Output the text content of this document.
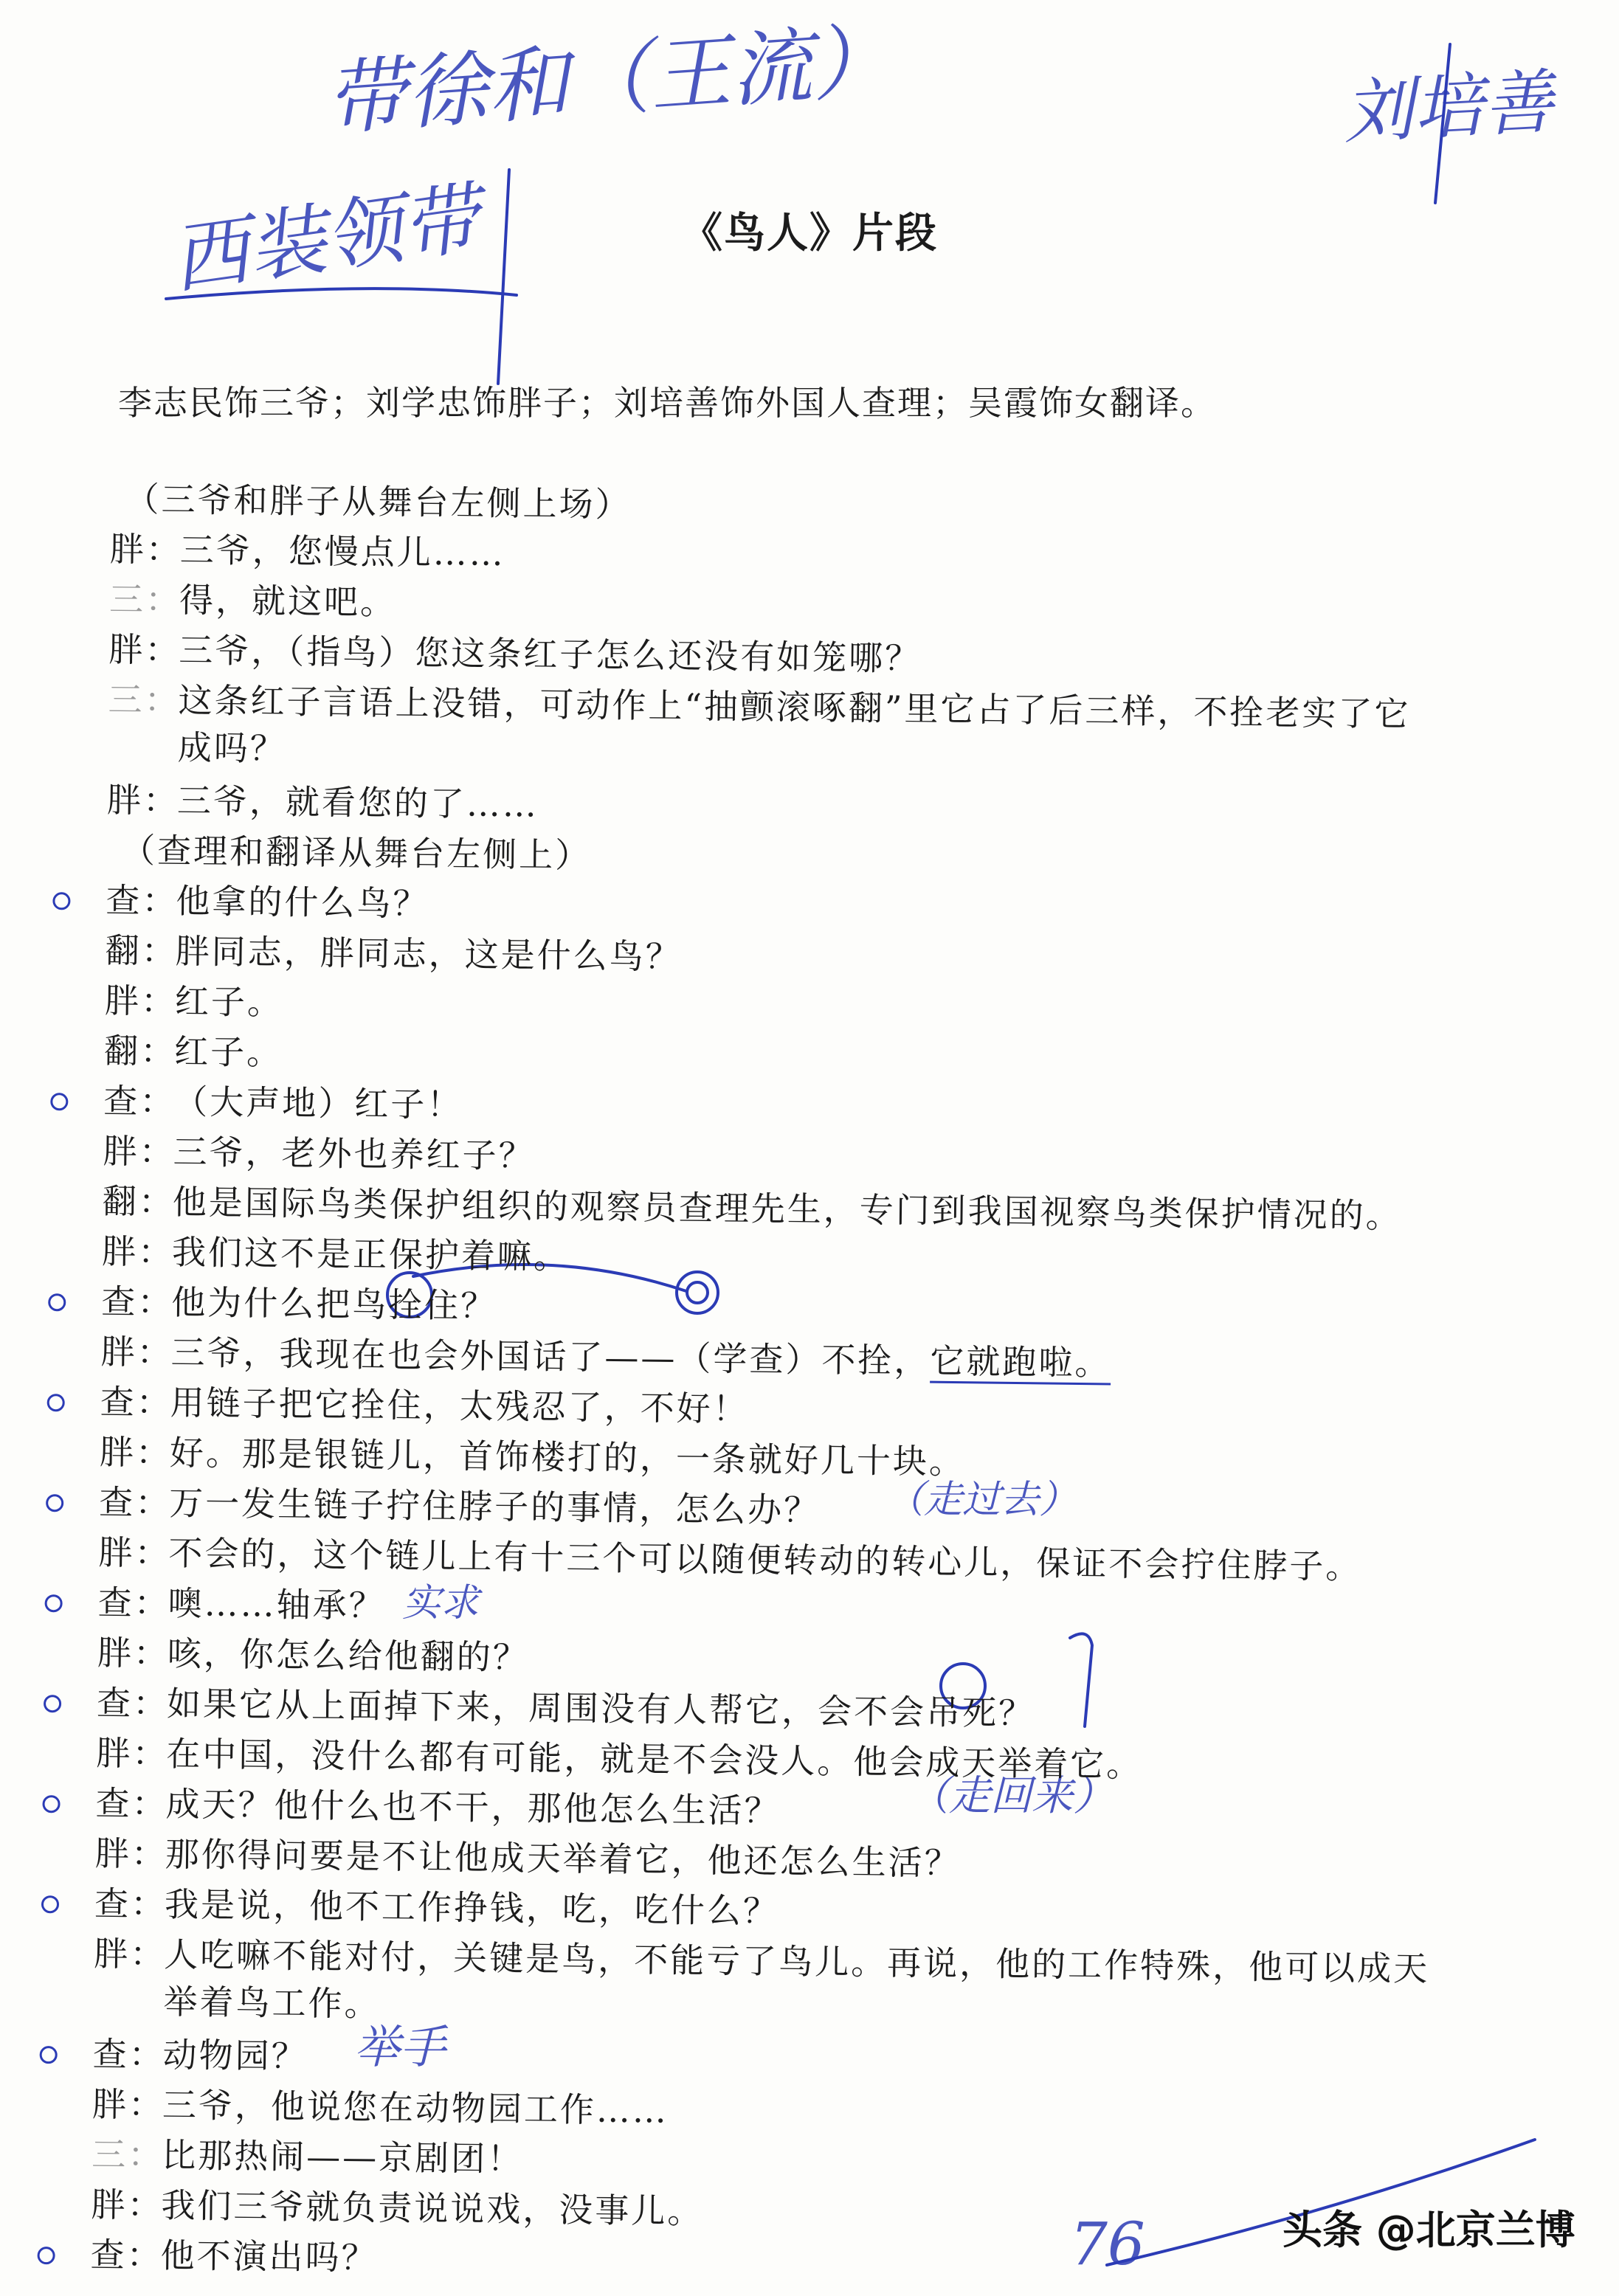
带徐和（王流）	刘培善
西装领带
（走过去）
实求
（走回来）
举手
76
《鸟人》片段
李志民饰三爷；刘学忠饰胖子；刘培善饰外国人查理；吴霞饰女翻译。
（三爷和胖子从舞台左侧上场）
胖：
三爷，您慢点儿……
三：
得，就这吧。
胖：
三爷，（指鸟）您这条红子怎么还没有如笼哪？
三：
这条红子言语上没错，可动作上“抽颤滚啄翻”里它占了后三样，不拴老实了它
成吗？
胖：
三爷，就看您的了……
（查理和翻译从舞台左侧上）
查：
他拿的什么鸟？
翻：
胖同志，胖同志，这是什么鸟？
胖：
红子。
翻：
红子。
查：
（大声地）红子！
胖：
三爷，老外也养红子？
翻：
他是国际鸟类保护组织的观察员查理先生，专门到我国视察鸟类保护情况的。
胖：
我们这不是正保护着嘛。
查：
他为什么把鸟拴住？
胖：
三爷，我现在也会外国话了——（学查）不拴，它就跑啦。
查：
用链子把它拴住，太残忍了，不好！
胖：
好。那是银链儿，首饰楼打的，一条就好几十块。
查：
万一发生链子拧住脖子的事情，怎么办？
胖：
不会的，这个链儿上有十三个可以随便转动的转心儿，保证不会拧住脖子。
查：
噢……轴承？
胖：
咳，你怎么给他翻的？
查：
如果它从上面掉下来，周围没有人帮它，会不会吊死？
胖：
在中国，没什么都有可能，就是不会没人。他会成天举着它。
查：
成天？他什么也不干，那他怎么生活？
胖：
那你得问要是不让他成天举着它，他还怎么生活？
查：
我是说，他不工作挣钱，吃，吃什么？
胖：
人吃嘛不能对付，关键是鸟，不能亏了鸟儿。再说，他的工作特殊，他可以成天
举着鸟工作。
查：
动物园？
胖：
三爷，他说您在动物园工作……
三：
比那热闹——京剧团！
胖：
我们三爷就负责说说戏，没事儿。
查：
他不演出吗？
头条 @北京兰博
